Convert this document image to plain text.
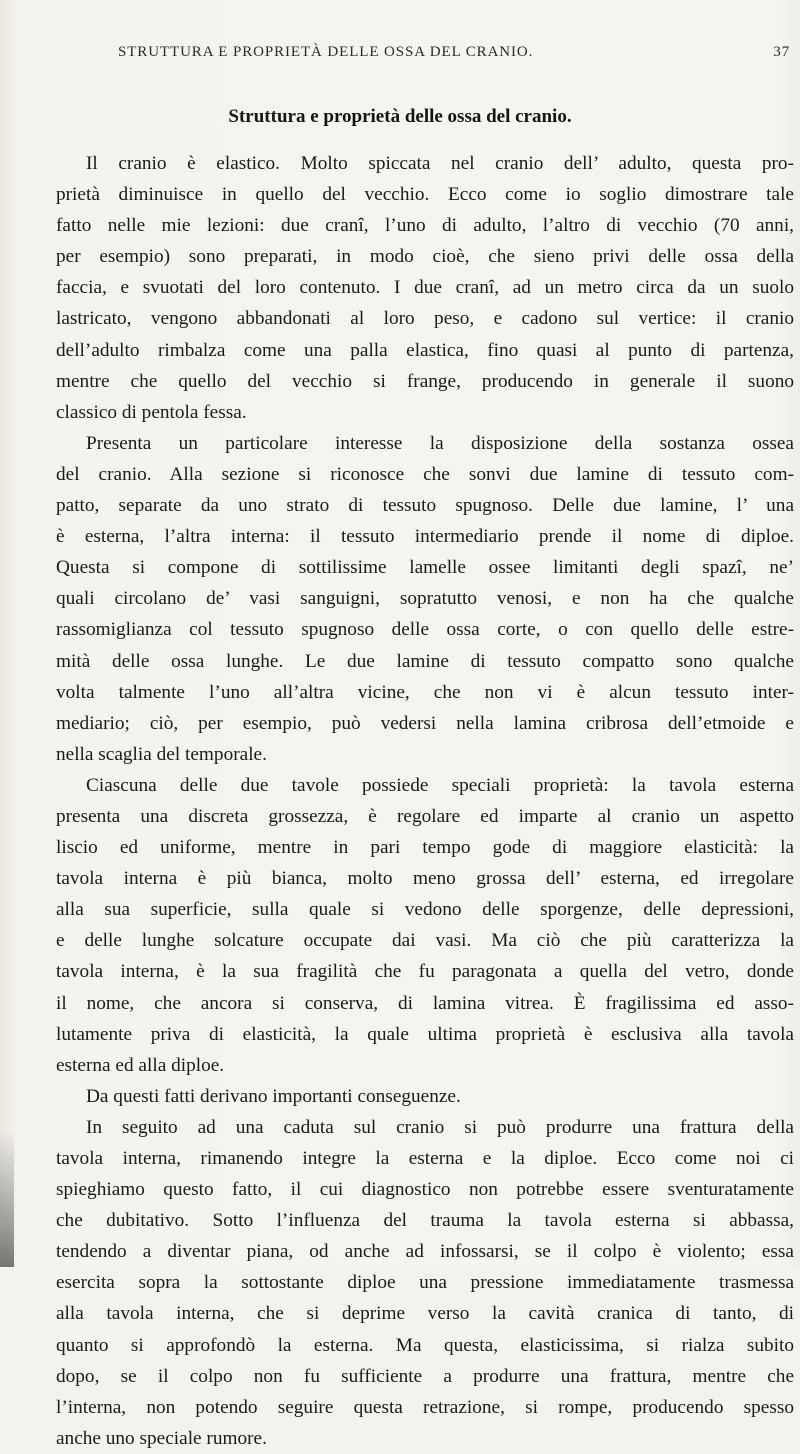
STRUTTURA E PROPRIETÀ DELLE OSSA DEL CRANIO.	37
Struttura e proprietà delle ossa del cranio.
Il cranio è elastico. Molto spiccata nel cranio dell’ adulto, questa pro-
prietà diminuisce in quello del vecchio. Ecco come io soglio dimostrare tale
fatto nelle mie lezioni: due cranî, l’uno di adulto, l’altro di vecchio (70 anni,
per esempio) sono preparati, in modo cioè, che sieno privi delle ossa della
faccia, e svuotati del loro contenuto. I due cranî, ad un metro circa da un suolo
lastricato, vengono abbandonati al loro peso, e cadono sul vertice: il cranio
dell’adulto rimbalza come una palla elastica, fino quasi al punto di partenza,
mentre che quello del vecchio si frange, producendo in generale il suono
classico di pentola fessa.
Presenta un particolare interesse la disposizione della sostanza ossea
del cranio. Alla sezione si riconosce che sonvi due lamine di tessuto com-
patto, separate da uno strato di tessuto spugnoso. Delle due lamine, l’ una
è esterna, l’altra interna: il tessuto intermediario prende il nome di diploe.
Questa si compone di sottilissime lamelle ossee limitanti degli spazî, ne’
quali circolano de’ vasi sanguigni, sopratutto venosi, e non ha che qualche
rassomiglianza col tessuto spugnoso delle ossa corte, o con quello delle estre-
mità delle ossa lunghe. Le due lamine di tessuto compatto sono qualche
volta talmente l’uno all’altra vicine, che non vi è alcun tessuto inter-
mediario; ciò, per esempio, può vedersi nella lamina cribrosa dell’etmoide e
nella scaglia del temporale.
Ciascuna delle due tavole possiede speciali proprietà: la tavola esterna
presenta una discreta grossezza, è regolare ed imparte al cranio un aspetto
liscio ed uniforme, mentre in pari tempo gode di maggiore elasticità: la
tavola interna è più bianca, molto meno grossa dell’ esterna, ed irregolare
alla sua superficie, sulla quale si vedono delle sporgenze, delle depressioni,
e delle lunghe solcature occupate dai vasi. Ma ciò che più caratterizza la
tavola interna, è la sua fragilità che fu paragonata a quella del vetro, donde
il nome, che ancora si conserva, di lamina vitrea. È fragilissima ed asso-
lutamente priva di elasticità, la quale ultima proprietà è esclusiva alla tavola
esterna ed alla diploe.
Da questi fatti derivano importanti conseguenze.
In seguito ad una caduta sul cranio si può produrre una frattura della
tavola interna, rimanendo integre la esterna e la diploe. Ecco come noi ci
spieghiamo questo fatto, il cui diagnostico non potrebbe essere sventuratamente
che dubitativo. Sotto l’influenza del trauma la tavola esterna si abbassa,
tendendo a diventar piana, od anche ad infossarsi, se il colpo è violento; essa
esercita sopra la sottostante diploe una pressione immediatamente trasmessa
alla tavola interna, che si deprime verso la cavità cranica di tanto, di
quanto si approfondò la esterna. Ma questa, elasticissima, si rialza subito
dopo, se il colpo non fu sufficiente a produrre una frattura, mentre che
l’interna, non potendo seguire questa retrazione, si rompe, producendo spesso
anche uno speciale rumore.
